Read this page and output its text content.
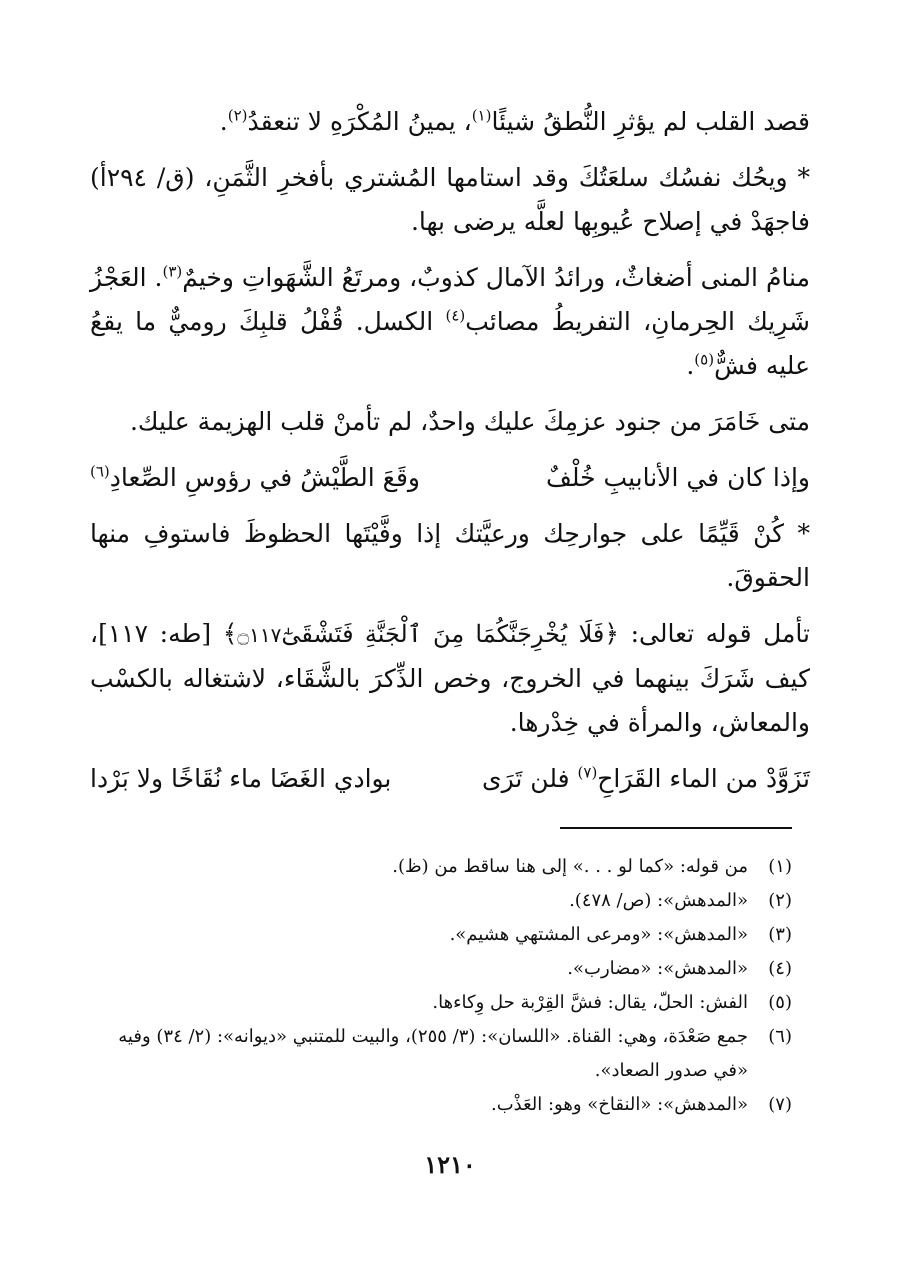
قصد القلب لم يؤثرِ النُّطقُ شيئًا$^{(١)}$، يمينُ المُكْرَهِ لا تنعقدُ$^{(٢)}$.

* ويحُك نفسُك سلعَتُكَ وقد استامها المُشتري بأفخرِ الثَّمَنِ، (ق/ ٢٩٤أ) فاجهَدْ في إصلاح عُيوبِها لعلَّه يرضى بها.

منامُ المنى أضغاثٌ، ورائدُ الآمال كذوبٌ، ومرتَعُ الشَّهَواتِ وخيمٌ$^{(٣)}$. العَجْزُ شَرِيك الحِرمانِ، التفريطُ مصائب$^{(٤)}$ الكسل. قُفْلُ قلبِكَ روميٌّ ما يقعُ عليه فشٌّ$^{(٥)}$.

متى خَامَرَ من جنود عزمِكَ عليك واحدٌ، لم تأمنْ قلب الهزيمة عليك.

وإذا كان في الأنابيبِ خُلْفٌ
وقَعَ الطَّيْشُ في رؤوسِ الصِّعادِ$^{(٦)}$

* كُنْ قَيِّمًا على جوارحِك ورعيَّتك إذا وفَّيْتَها الحظوظَ فاستوفِ منها الحقوقَ.

تأمل قوله تعالى: ﴿فَلَا يُخْرِجَنَّكُمَا مِنَ ٱلْجَنَّةِ فَتَشْقَىٰٓ۝١١٧﴾ [طه: ١١٧]، كيف شَرَكَ بينهما في الخروج، وخص الذِّكرَ بالشَّقَاء، لاشتغاله بالكسْب والمعاش، والمرأة في خِدْرها.

تَزَوَّدْ من الماء القَرَاحِ$^{(٧)}$ فلن تَرَى
بوادي الغَضَا ماء نُقَاخًا ولا بَرْدا
(١)
من قوله: «كما لو . . .» إلى هنا ساقط من (ظ).
(٢)
«المدهش»: (ص/ ٤٧٨).
(٣)
«المدهش»: «ومرعى المشتهي هشيم».
(٤)
«المدهش»: «مضارب».
(٥)
الفش: الحلّ، يقال: فشَّ القِرْبة حل وِكاءها.
(٦)
جمع صَعْدَة، وهي: القناة. «اللسان»: (٣/ ٢٥٥)، والبيت للمتنبي «ديوانه»: (٢/ ٣٤) وفيه «في صدور الصعاد».
(٧)
«المدهش»: «النقاخ» وهو: العَذْب.
١٢١٠
